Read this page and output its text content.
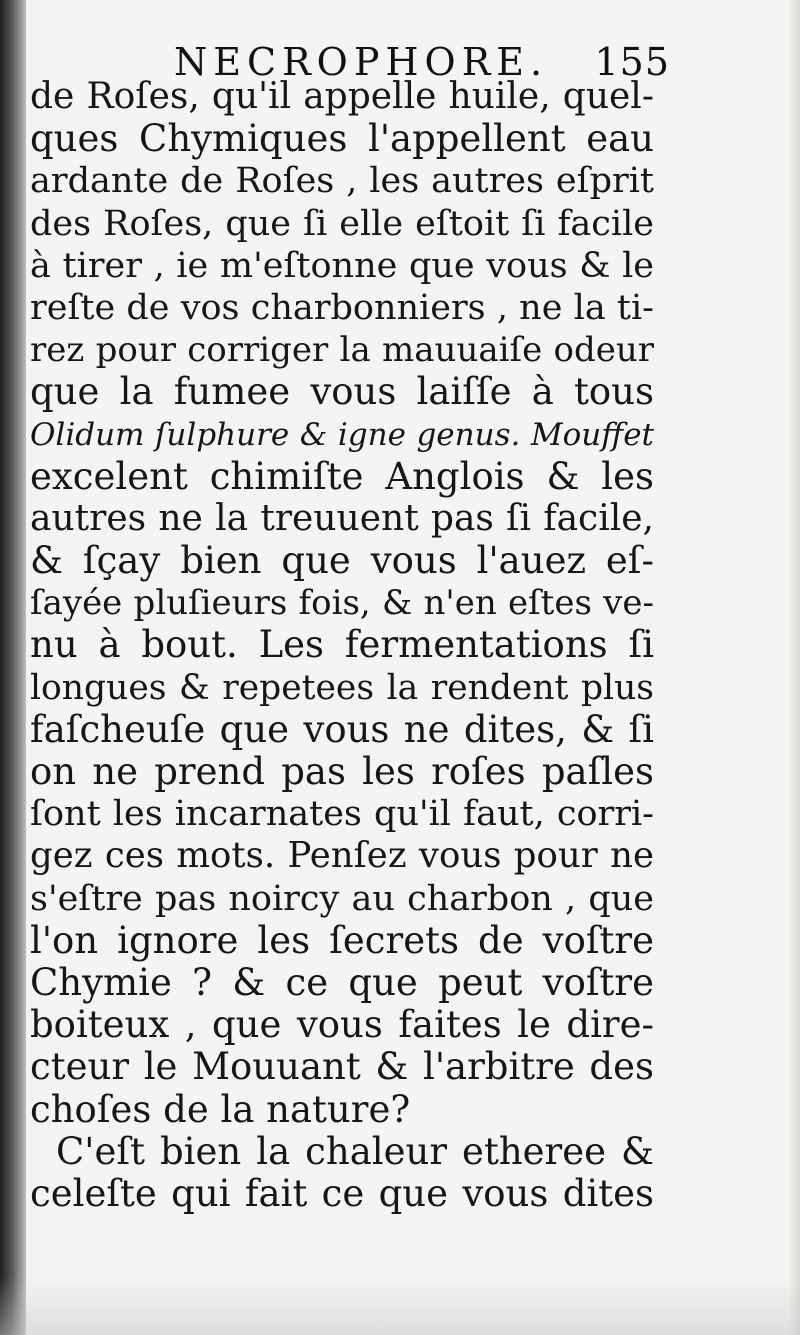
NECROPHORE. 155
de Roſes, qu'il appelle huile, quel-
ques Chymiques l'appellent eau
ardante de Roſes , les autres eſprit
des Roſes, que ſi elle eſtoit ſi facile
à tirer , ie m'eſtonne que vous & le
reſte de vos charbonniers , ne la ti-
rez pour corriger la mauuaiſe odeur
que la fumee vous laiſſe à tous
Olidum ſulphure & igne genus. Mouffet
excelent chimiſte Anglois & les
autres ne la treuuent pas ſi facile,
& ſçay bien que vous l'auez eſ-
ſayée pluſieurs fois, & n'en eſtes ve-
nu à bout. Les fermentations ſi
longues & repetees la rendent plus
faſcheuſe que vous ne dites, & ſi
on ne prend pas les roſes paſles
ſont les incarnates qu'il faut, corri-
gez ces mots. Penſez vous pour ne
s'eſtre pas noircy au charbon , que
l'on ignore les ſecrets de voſtre
Chymie ? & ce que peut voſtre
boiteux , que vous faites le dire-
cteur le Mouuant & l'arbitre des
choſes de la nature?
C'eſt bien la chaleur etheree &
celeſte qui fait ce que vous dites
